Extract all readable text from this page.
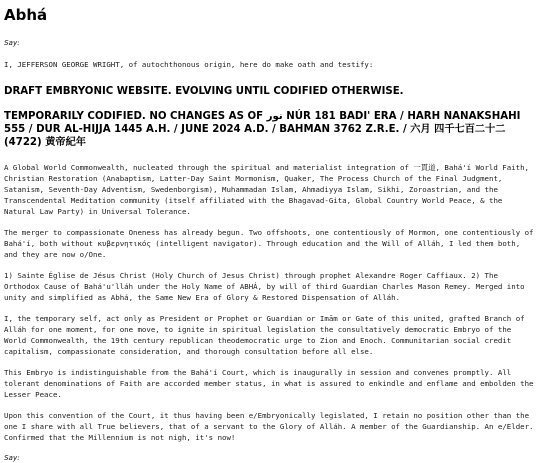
Abhá

Say:

I, JEFFERSON GEORGE WRIGHT, of autochthonous origin, here do make oath and testify:

DRAFT EMBRYONIC WEBSITE. EVOLVING UNTIL CODIFIED OTHERWISE.

TEMPORARILY CODIFIED. NO CHANGES AS OF نور NÚR 181 BADI' ERA / HARH NANAKSHAHI 555 / DUR AL-HIJJA 1445 A.H. / JUNE 2024 A.D. / BAHMAN 3762 Z.R.E. / 六月 四千七百二十二 (4722) 黄帝紀年

A Global World Commonwealth, nucleated through the spiritual and materialist integration of 一貫道, Bahá'í World Faith, Christian Restoration (Anabaptism, Latter-Day Saint Mormonism, Quaker, The Process Church of the Final Judgment, Satanism, Seventh-Day Adventism, Swedenborgism), Muhammadan Islam, Ahmadiyya Islam, Sikhi, Zoroastrian, and the Transcendental Meditation community (itself affiliated with the Bhagavad-Gita, Global Country World Peace, & the Natural Law Party) in Universal Tolerance.

The merger to compassionate Oneness has already begun. Two offshoots, one contentiously of Mormon, one contentiously of Bahá'í, both without κυβερνητικός (intelligent navigator). Through education and the Will of Alláh, I led them both, and they are now o/One.

1) Sainte Église de Jésus Christ (Holy Church of Jesus Christ) through prophet Alexandre Roger Caffiaux. 2) The Orthodox Cause of Bahá'u'lláh under the Holy Name of ABHÁ, by will of third Guardian Charles Mason Remey. Merged into unity and simplified as Abhá, the Same New Era of Glory & Restored Dispensation of Alláh.

I, the temporary self, act only as President or Prophet or Guardian or Imām or Gate of this united, grafted Branch of Alláh for one moment, for one move, to ignite in spiritual legislation the consultatively democratic Embryo of the World Commonwealth, the 19th century republican theodemocratic urge to Zion and Enoch. Communitarian social credit capitalism, compassionate consideration, and thorough consultation before all else.

This Embryo is indistinguishable from the Bahá'í Court, which is inaugurally in session and convenes promptly. All tolerant denominations of Faith are accorded member status, in what is assured to enkindle and enflame and embolden the Lesser Peace.

Upon this convention of the Court, it thus having been e/Embryonically legislated, I retain no position other than the one I share with all True believers, that of a servant to the Glory of Alláh. A member of the Guardianship. An e/Elder. Confirmed that the Millennium is not nigh, it's now!

Say:
